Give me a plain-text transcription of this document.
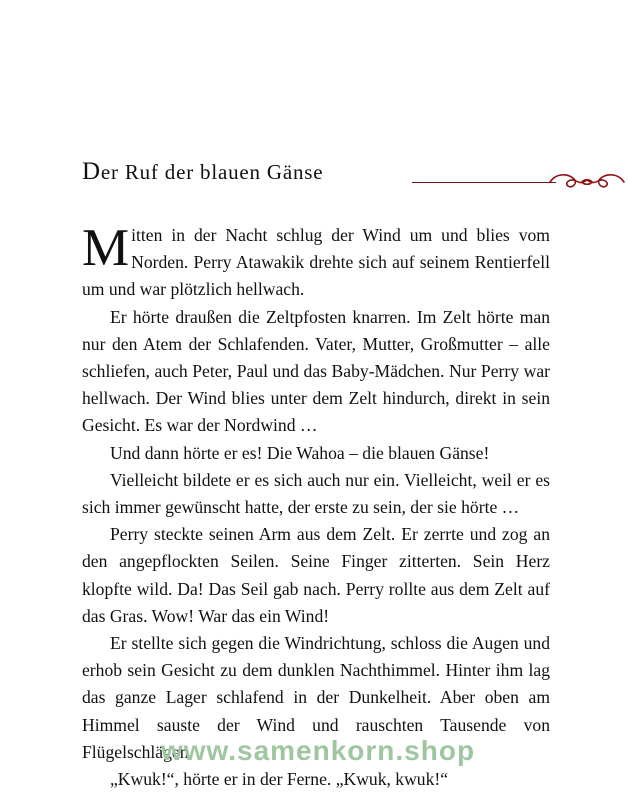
Der Ruf der blauen Gänse

Mitten in der Nacht schlug der Wind um und blies vom Norden. Perry Atawakik drehte sich auf seinem Rentierfell um und war plötzlich hellwach.

Er hörte draußen die Zeltpfosten knarren. Im Zelt hörte man nur den Atem der Schlafenden. Vater, Mutter, Großmutter – alle schliefen, auch Peter, Paul und das Baby-Mädchen. Nur Perry war hellwach. Der Wind blies unter dem Zelt hindurch, direkt in sein Gesicht. Es war der Nordwind …

Und dann hörte er es! Die Wahoa – die blauen Gänse!

Vielleicht bildete er es sich auch nur ein. Vielleicht, weil er es sich immer gewünscht hatte, der erste zu sein, der sie hörte …

Perry steckte seinen Arm aus dem Zelt. Er zerrte und zog an den angepflockten Seilen. Seine Finger zitterten. Sein Herz klopfte wild. Da! Das Seil gab nach. Perry rollte aus dem Zelt auf das Gras. Wow! War das ein Wind!

Er stellte sich gegen die Windrichtung, schloss die Augen und erhob sein Gesicht zu dem dunklen Nachthimmel. Hinter ihm lag das ganze Lager schlafend in der Dunkelheit. Aber oben am Himmel sauste der Wind und rauschten Tausende von Flügelschlägen.

„Kwuk!“, hörte er in der Ferne. „Kwuk, kwuk!“

www.samenkorn.shop
